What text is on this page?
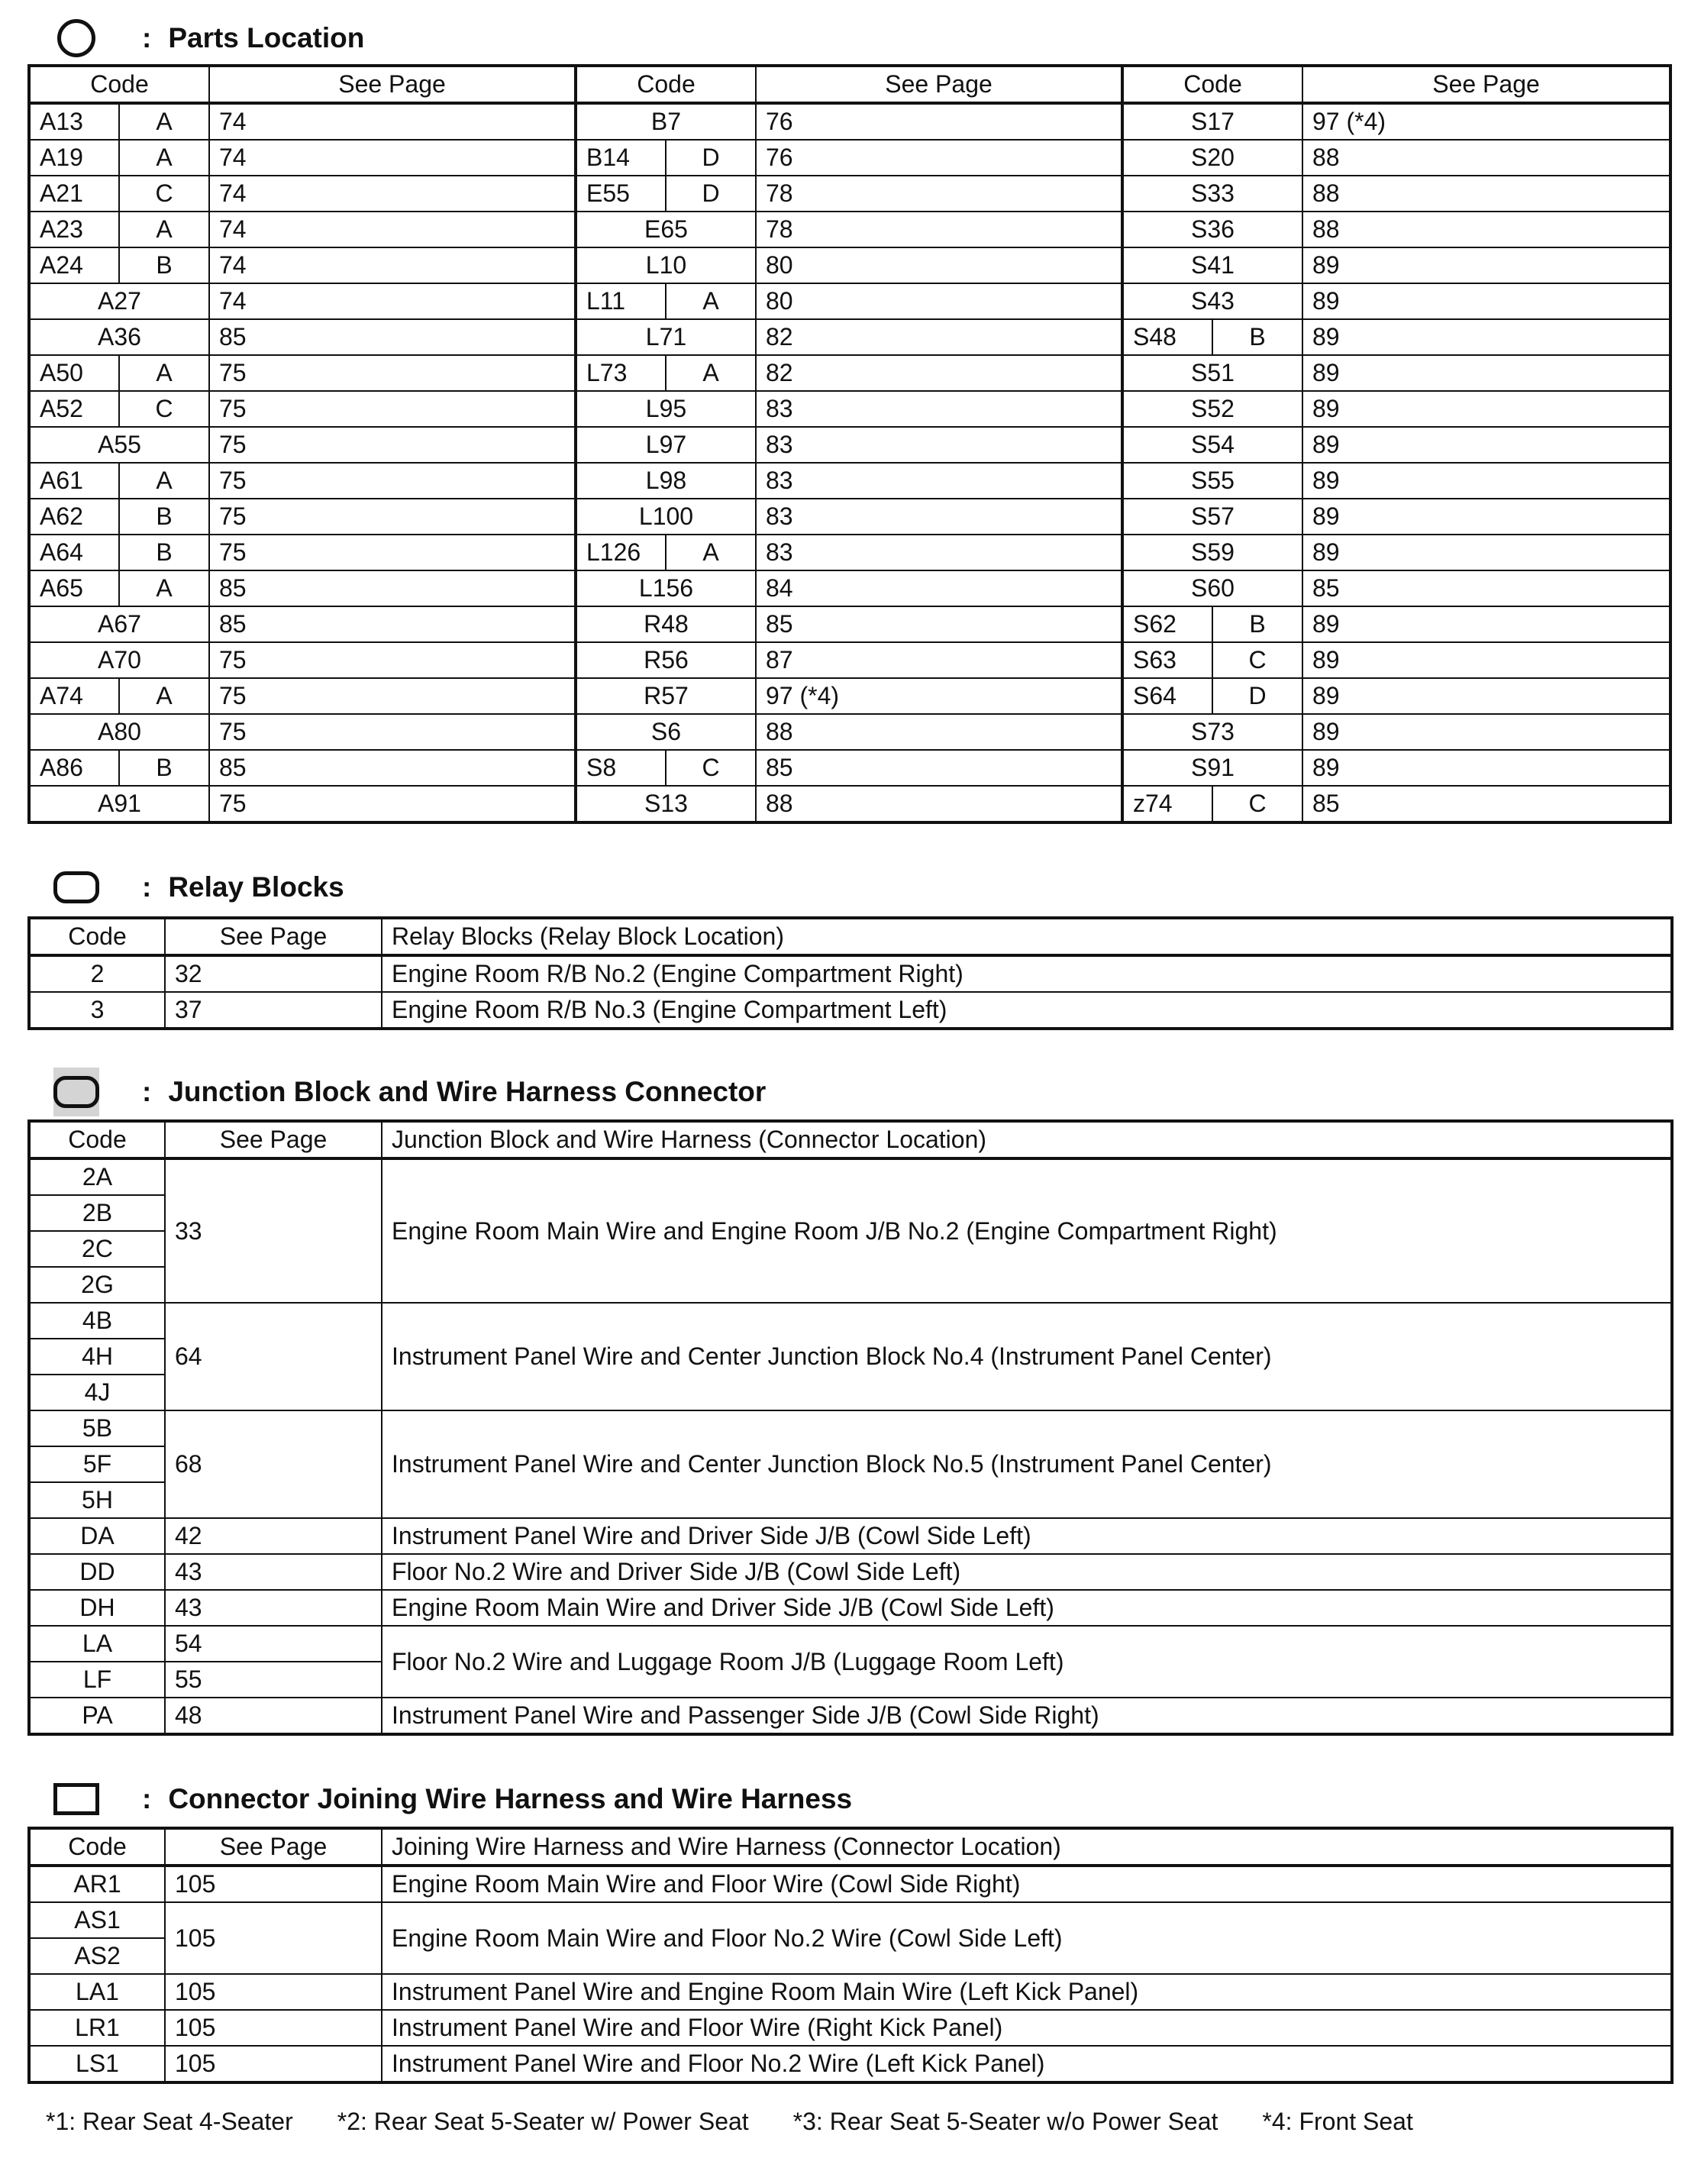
: Parts Location
Code		See Page	Code		See Page	Code		See Page
A13	A	74	B7		76	S17		97 (*4)
A19	A	74	B14	D	76	S20		88
A21	C	74	E55	D	78	S33		88
A23	A	74	E65		78	S36		88
A24	B	74	L10		80	S41		89
A27		74	L11	A	80	S43		89
A36		85	L71		82	S48	B	89
A50	A	75	L73	A	82	S51		89
A52	C	75	L95		83	S52		89
A55		75	L97		83	S54		89
A61	A	75	L98		83	S55		89
A62	B	75	L100		83	S57		89
A64	B	75	L126	A	83	S59		89
A65	A	85	L156		84	S60		85
A67		85	R48		85	S62	B	89
A70		75	R56		87	S63	C	89
A74	A	75	R57		97 (*4)	S64	D	89
A80		75	S6		88	S73		89
A86	B	85	S8	C	85	S91		89
A91		75	S13		88	z74	C	85
: Relay Blocks
Code	See Page	Relay Blocks (Relay Block Location)
2	32	Engine Room R/B No.2 (Engine Compartment Right)
3	37	Engine Room R/B No.3 (Engine Compartment Left)
: Junction Block and Wire Harness Connector
Code	See Page	Junction Block and Wire Harness (Connector Location)
2A	33	Engine Room Main Wire and Engine Room J/B No.2 (Engine Compartment Right)
2B		
2C		
2G		
4B	64	Instrument Panel Wire and Center Junction Block No.4 (Instrument Panel Center)
4H		
4J		
5B	68	Instrument Panel Wire and Center Junction Block No.5 (Instrument Panel Center)
5F		
5H		
DA	42	Instrument Panel Wire and Driver Side J/B (Cowl Side Left)
DD	43	Floor No.2 Wire and Driver Side J/B (Cowl Side Left)
DH	43	Engine Room Main Wire and Driver Side J/B (Cowl Side Left)
LA	54	Floor No.2 Wire and Luggage Room J/B (Luggage Room Left)
LF	55	
PA	48	Instrument Panel Wire and Passenger Side J/B (Cowl Side Right)
: Connector Joining Wire Harness and Wire Harness
Code	See Page	Joining Wire Harness and Wire Harness (Connector Location)
AR1	105	Engine Room Main Wire and Floor Wire (Cowl Side Right)
AS1	105	Engine Room Main Wire and Floor No.2 Wire (Cowl Side Left)
AS2		
LA1	105	Instrument Panel Wire and Engine Room Main Wire (Left Kick Panel)
LR1	105	Instrument Panel Wire and Floor Wire (Right Kick Panel)
LS1	105	Instrument Panel Wire and Floor No.2 Wire (Left Kick Panel)
*1: Rear Seat 4-Seater *2: Rear Seat 5-Seater w/ Power Seat *3: Rear Seat 5-Seater w/o Power Seat *4: Front Seat
